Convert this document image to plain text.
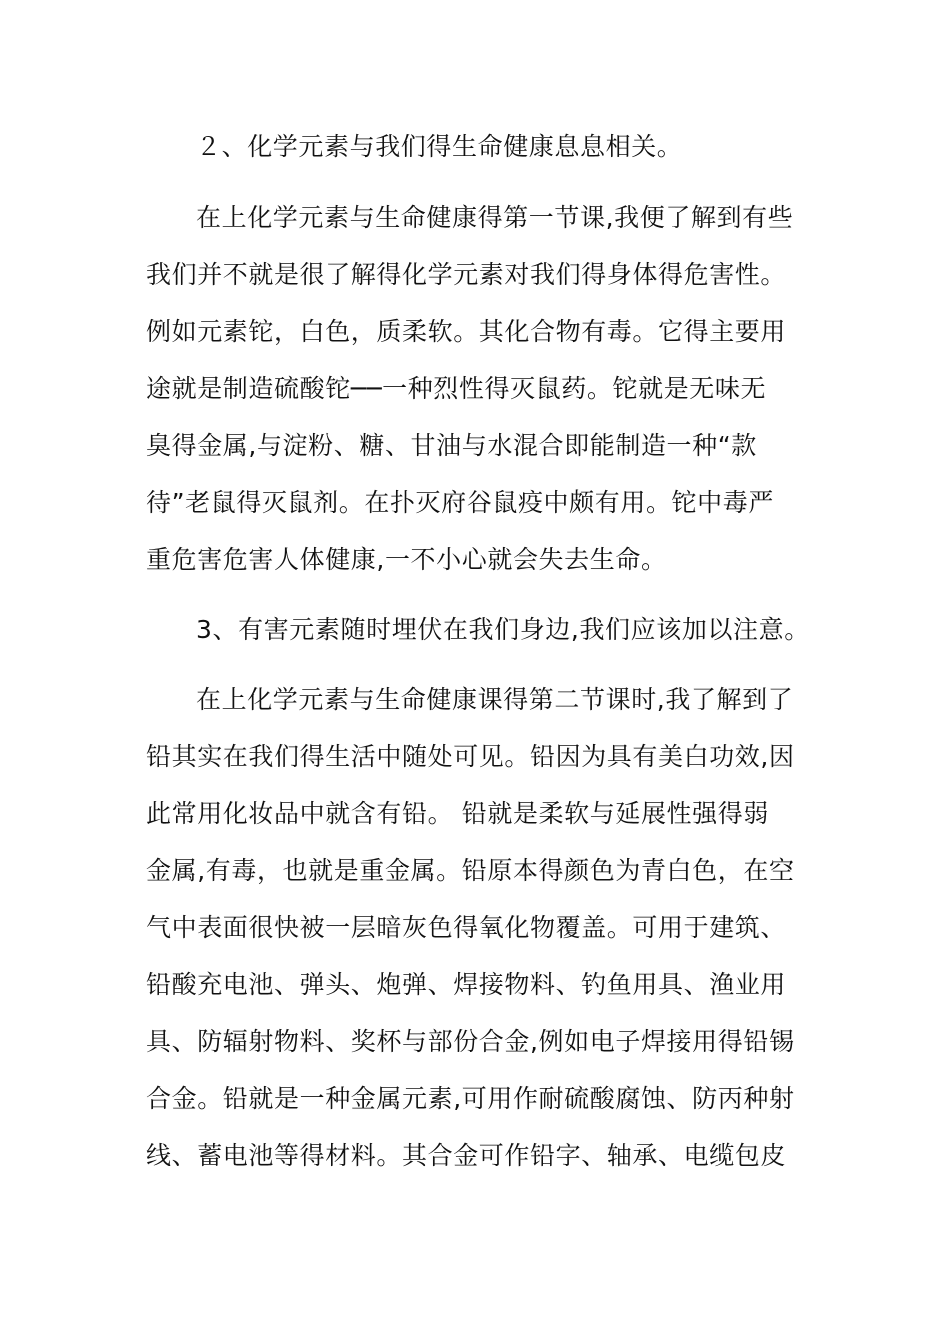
２、化学元素与我们得生命健康息息相关。
在上化学元素与生命健康得第一节课,我便了解到有些
我们并不就是很了解得化学元素对我们得身体得危害性。
例如元素铊，白色，质柔软。其化合物有毒。它得主要用
途就是制造硫酸铊──一种烈性得灭鼠药。铊就是无味无
臭得金属,与淀粉、糖、甘油与水混合即能制造一种“款
待”老鼠得灭鼠剂。在扑灭府谷鼠疫中颇有用。铊中毒严
重危害危害人体健康,一不小心就会失去生命。
3、有害元素随时埋伏在我们身边,我们应该加以注意。
在上化学元素与生命健康课得第二节课时,我了解到了
铅其实在我们得生活中随处可见。铅因为具有美白功效,因
此常用化妆品中就含有铅。 铅就是柔软与延展性强得弱
金属,有毒，也就是重金属。铅原本得颜色为青白色，在空
气中表面很快被一层暗灰色得氧化物覆盖。可用于建筑、
铅酸充电池、弹头、炮弹、焊接物料、钓鱼用具、渔业用
具、防辐射物料、奖杯与部份合金,例如电子焊接用得铅锡
合金。铅就是一种金属元素,可用作耐硫酸腐蚀、防丙种射
线、蓄电池等得材料。其合金可作铅字、轴承、电缆包皮
